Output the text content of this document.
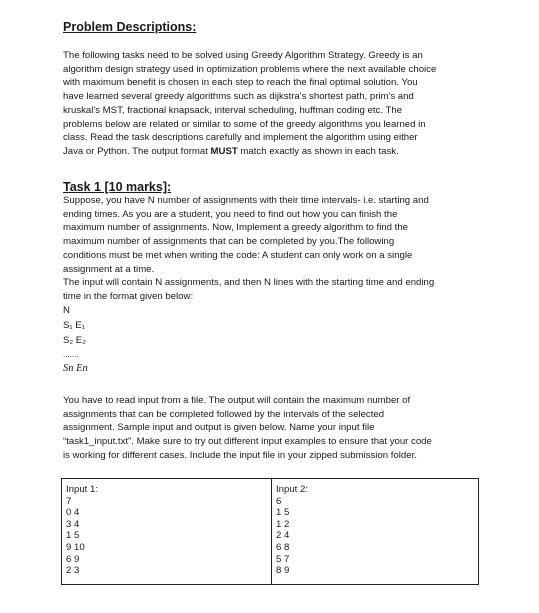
Problem Descriptions:
The following tasks need to be solved using Greedy Algorithm Strategy. Greedy is an
algorithm design strategy used in optimization problems where the next available choice
with maximum benefit is chosen in each step to reach the final optimal solution. You
have learned several greedy algorithms such as dijkstra's shortest path, prim's and
kruskal's MST, fractional knapsack, interval scheduling, huffman coding etc. The
problems below are related or similar to some of the greedy algorithms you learned in
class. Read the task descriptions carefully and implement the algorithm using either
Java or Python. The output format MUST match exactly as shown in each task.
Task 1 [10 marks]:
Suppose, you have N number of assignments with their time intervals- i.e. starting and
ending times. As you are a student, you need to find out how you can finish the
maximum number of assignments. Now, Implement a greedy algorithm to find the
maximum number of assignments that can be completed by you.The following
conditions must be met when writing the code: A student can only work on a single
assignment at a time.
The input will contain N assignments, and then N lines with the starting time and ending
time in the format given below:
N
S₁ E₁
S₂ E₂
.......
Sn En
You have to read input from a file. The output will contain the maximum number of
assignments that can be completed followed by the intervals of the selected
assignment. Sample input and output is given below. Name your input file
“task1_input.txt”. Make sure to try out different input examples to ensure that your code
is working for different cases. Include the input file in your zipped submission folder.
Input 1:
7
0 4
3 4
1 5
9 10
6 9
2 3
Input 2:
6
1 5
1 2
2 4
6 8
5 7
8 9
